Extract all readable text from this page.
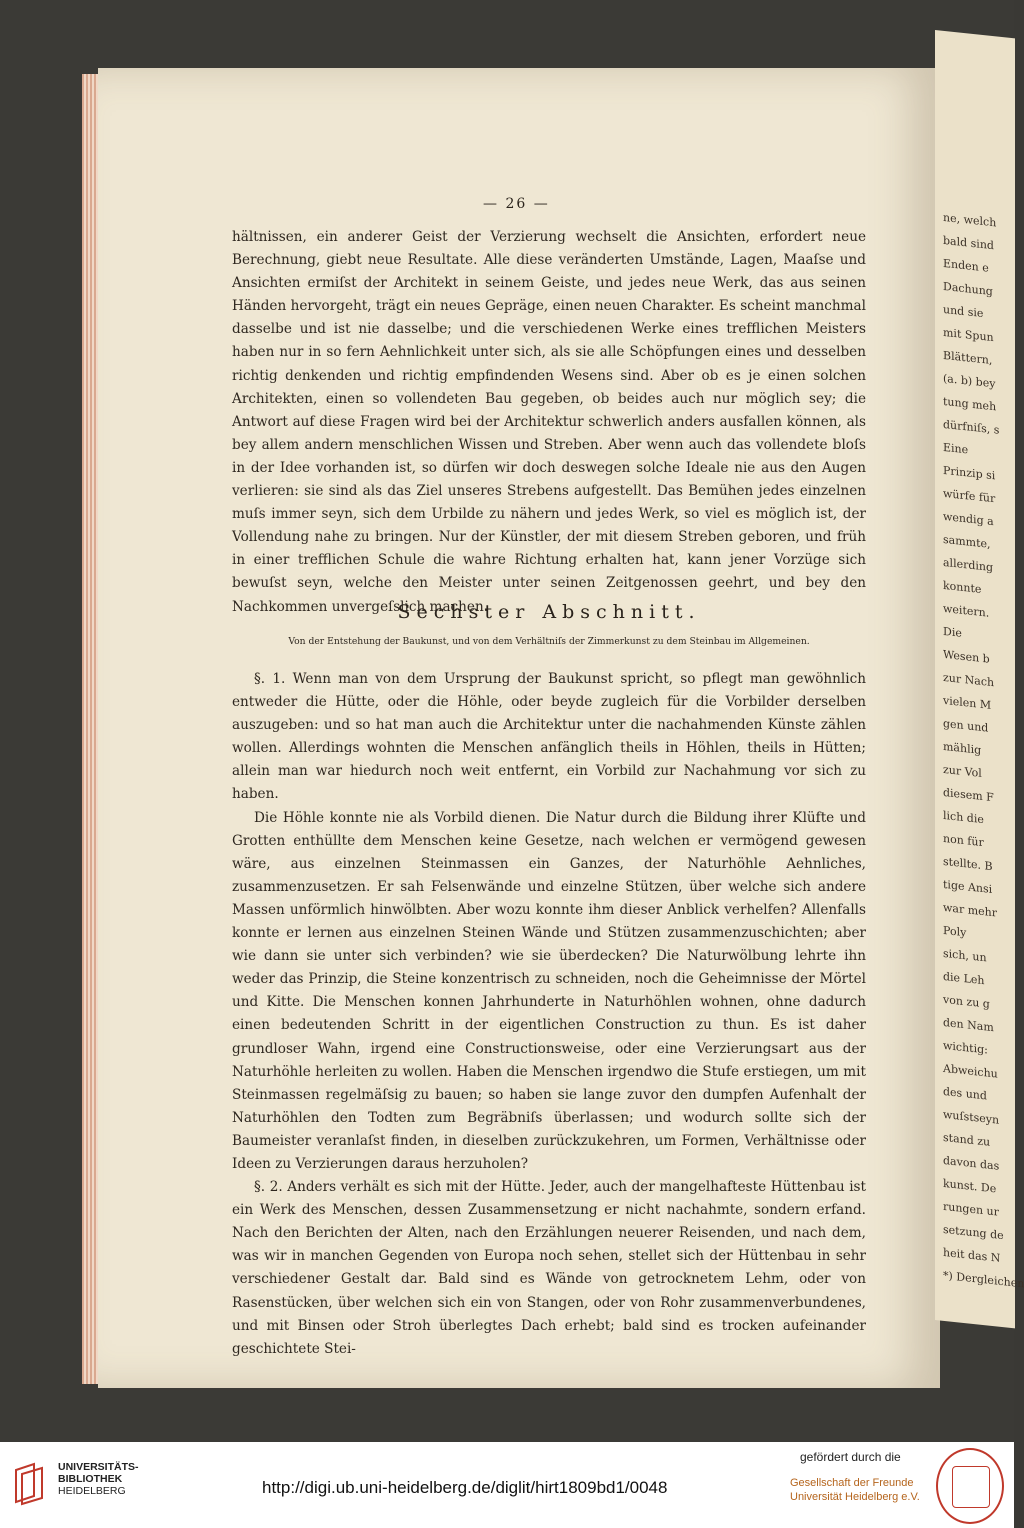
ne, welch
bald sind
Enden e
Dachung
und sie
mit Spun
Blättern,
(a. b) bey
tung meh
dürfniſs, s
Eine
Prinzip si
würfe für
wendig a
sammte,
allerding
konnte
weitern.
Die
Wesen b
zur Nach
vielen M
gen und
mählig
zur Vol
diesem F
lich die
non für
stellte. B
tige Ansi
war mehr
Poly
sich, un
die Leh
von zu g
den Nam
wichtig:
Abweichu
des und
wuſstseyn
stand zu
davon das
kunst. De
rungen ur
setzung de
heit das N
*) Dergleichen
— 26 —

hältnissen, ein anderer Geist der Verzierung wechselt die Ansichten, erfordert neue Berechnung, giebt neue Resultate. Alle diese veränderten Umstände, Lagen, Maaſse und Ansichten ermiſst der Architekt in seinem Geiste, und jedes neue Werk, das aus seinen Händen hervorgeht, trägt ein neues Gepräge, einen neuen Charakter. Es scheint manchmal dasselbe und ist nie dasselbe; und die verschiedenen Werke eines trefflichen Meisters haben nur in so fern Aehnlichkeit unter sich, als sie alle Schöpfungen eines und desselben richtig denkenden und richtig empfindenden Wesens sind. Aber ob es je einen solchen Architekten, einen so vollendeten Bau gegeben, ob beides auch nur möglich sey; die Antwort auf diese Fragen wird bei der Architektur schwerlich anders ausfallen können, als bey allem andern menschlichen Wissen und Streben. Aber wenn auch das vollendete bloſs in der Idee vorhanden ist, so dürfen wir doch deswegen solche Ideale nie aus den Augen verlieren: sie sind als das Ziel unseres Strebens aufgestellt. Das Bemühen jedes einzelnen muſs immer seyn, sich dem Urbilde zu nähern und jedes Werk, so viel es möglich ist, der Vollendung nahe zu bringen. Nur der Künstler, der mit diesem Streben geboren, und früh in einer trefflichen Schule die wahre Richtung erhalten hat, kann jener Vorzüge sich bewuſst seyn, welche den Meister unter seinen Zeitgenossen geehrt, und bey den Nachkommen unvergeſslich machen.

Sechster Abschnitt.
Von der Entstehung der Baukunst, und von dem Verhältniſs der Zimmerkunst zu dem Steinbau im Allgemeinen.

§. 1. Wenn man von dem Ursprung der Baukunst spricht, so pflegt man gewöhnlich entweder die Hütte, oder die Höhle, oder beyde zugleich für die Vorbilder derselben auszugeben: und so hat man auch die Architektur unter die nachahmenden Künste zählen wollen. Allerdings wohnten die Menschen anfänglich theils in Höhlen, theils in Hütten; allein man war hiedurch noch weit entfernt, ein Vorbild zur Nachahmung vor sich zu haben.

Die Höhle konnte nie als Vorbild dienen. Die Natur durch die Bildung ihrer Klüfte und Grotten enthüllte dem Menschen keine Gesetze, nach welchen er vermögend gewesen wäre, aus einzelnen Steinmassen ein Ganzes, der Naturhöhle Aehnliches, zusammenzusetzen. Er sah Felsenwände und einzelne Stützen, über welche sich andere Massen unförmlich hinwölbten. Aber wozu konnte ihm dieser Anblick verhelfen? Allenfalls konnte er lernen aus einzelnen Steinen Wände und Stützen zusammenzuschichten; aber wie dann sie unter sich verbinden? wie sie überdecken? Die Naturwölbung lehrte ihn weder das Prinzip, die Steine konzentrisch zu schneiden, noch die Geheimnisse der Mörtel und Kitte. Die Menschen konnen Jahrhunderte in Naturhöhlen wohnen, ohne dadurch einen bedeutenden Schritt in der eigentlichen Construction zu thun. Es ist daher grundloser Wahn, irgend eine Constructionsweise, oder eine Verzierungsart aus der Naturhöhle herleiten zu wollen. Haben die Menschen irgendwo die Stufe erstiegen, um mit Steinmassen regelmäſsig zu bauen; so haben sie lange zuvor den dumpfen Aufenhalt der Naturhöhlen den Todten zum Begräbniſs überlassen; und wodurch sollte sich der Baumeister veranlaſst finden, in dieselben zurückzukehren, um Formen, Verhältnisse oder Ideen zu Verzierungen daraus herzuholen?

§. 2. Anders verhält es sich mit der Hütte. Jeder, auch der mangelhafteste Hüttenbau ist ein Werk des Menschen, dessen Zusammensetzung er nicht nachahmte, sondern erfand. Nach den Berichten der Alten, nach den Erzählungen neuerer Reisenden, und nach dem, was wir in manchen Gegenden von Europa noch sehen, stellet sich der Hüttenbau in sehr verschiedener Gestalt dar. Bald sind es Wände von getrocknetem Lehm, oder von Rasenstücken, über welchen sich ein von Stangen, oder von Rohr zusammenverbundenes, und mit Binsen oder Stroh überlegtes Dach erhebt; bald sind es trocken aufeinander geschichtete Stei-

UNIVERSITÄTS-
BIBLIOTHEK
HEIDELBERG	http://digi.ub.uni-heidelberg.de/diglit/hirt1809bd1/0048
gefördert durch die
Gesellschaft der Freunde
Universität Heidelberg e.V.
